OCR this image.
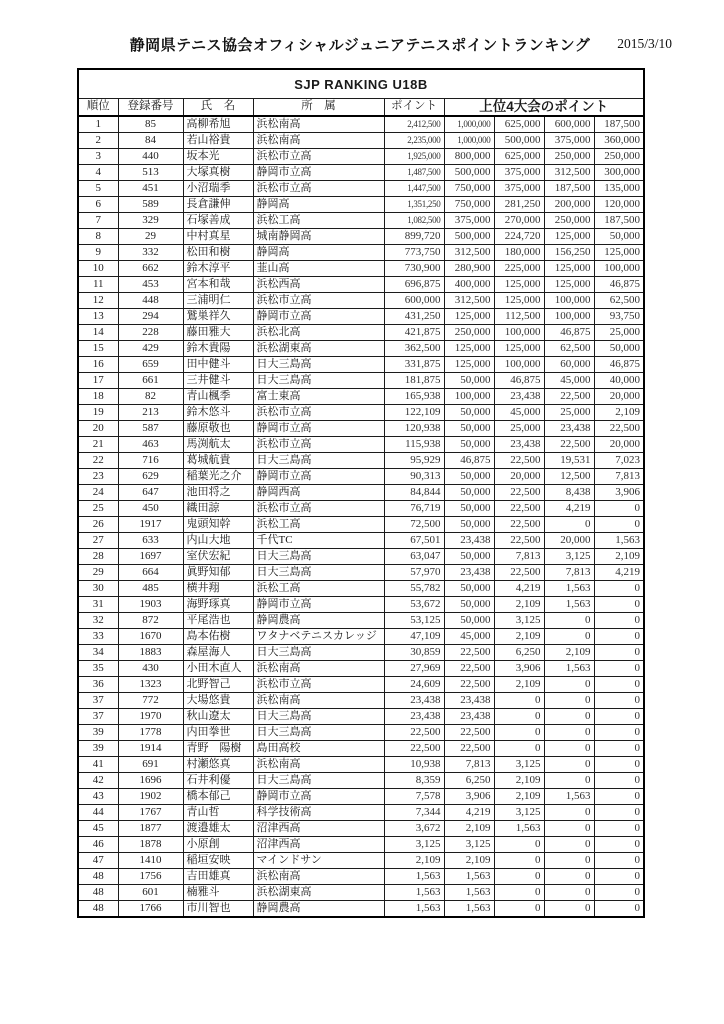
静岡県テニス協会オフィシャルジュニアテニスポイントランキング	2015/3/10
SJP RANKING U18B								
順位	登録番号	氏　名	所　属	ポイント	上位4大会のポイント			
1	85	高柳希旭	浜松南高	2,412,500	1,000,000	625,000	600,000	187,500
2	84	若山裕貴	浜松南高	2,235,000	1,000,000	500,000	375,000	360,000
3	440	坂本光	浜松市立高	1,925,000	800,000	625,000	250,000	250,000
4	513	大塚真樹	静岡市立高	1,487,500	500,000	375,000	312,500	300,000
5	451	小沼瑞季	浜松市立高	1,447,500	750,000	375,000	187,500	135,000
6	589	長倉謙伸	静岡高	1,351,250	750,000	281,250	200,000	120,000
7	329	石塚善成	浜松工高	1,082,500	375,000	270,000	250,000	187,500
8	29	中村真星	城南静岡高	899,720	500,000	224,720	125,000	50,000
9	332	松田和樹	静岡高	773,750	312,500	180,000	156,250	125,000
10	662	鈴木淳平	韮山高	730,900	280,900	225,000	125,000	100,000
11	453	宮本和哉	浜松西高	696,875	400,000	125,000	125,000	46,875
12	448	三浦明仁	浜松市立高	600,000	312,500	125,000	100,000	62,500
13	294	鷲巣祥久	静岡市立高	431,250	125,000	112,500	100,000	93,750
14	228	藤田雅大	浜松北高	421,875	250,000	100,000	46,875	25,000
15	429	鈴木貴陽	浜松湖東高	362,500	125,000	125,000	62,500	50,000
16	659	田中健斗	日大三島高	331,875	125,000	100,000	60,000	46,875
17	661	三井健斗	日大三島高	181,875	50,000	46,875	45,000	40,000
18	82	青山楓季	富士東高	165,938	100,000	23,438	22,500	20,000
19	213	鈴木悠斗	浜松市立高	122,109	50,000	45,000	25,000	2,109
20	587	藤原敬也	静岡市立高	120,938	50,000	25,000	23,438	22,500
21	463	馬渕航太	浜松市立高	115,938	50,000	23,438	22,500	20,000
22	716	葛城航貴	日大三島高	95,929	46,875	22,500	19,531	7,023
23	629	稲葉光之介	静岡市立高	90,313	50,000	20,000	12,500	7,813
24	647	池田将之	静岡西高	84,844	50,000	22,500	8,438	3,906
25	450	織田諒	浜松市立高	76,719	50,000	22,500	4,219	0
26	1917	鬼頭知幹	浜松工高	72,500	50,000	22,500	0	0
27	633	内山大地	千代TC	67,501	23,438	22,500	20,000	1,563
28	1697	室伏宏紀	日大三島高	63,047	50,000	7,813	3,125	2,109
29	664	眞野知郁	日大三島高	57,970	23,438	22,500	7,813	4,219
30	485	横井翔	浜松工高	55,782	50,000	4,219	1,563	0
31	1903	海野琢真	静岡市立高	53,672	50,000	2,109	1,563	0
32	872	平尾浩也	静岡農高	53,125	50,000	3,125	0	0
33	1670	島本佑樹	ワタナベテニスカレッジ	47,109	45,000	2,109	0	0
34	1883	森屋海人	日大三島高	30,859	22,500	6,250	2,109	0
35	430	小田木直人	浜松南高	27,969	22,500	3,906	1,563	0
36	1323	北野智己	浜松市立高	24,609	22,500	2,109	0	0
37	772	大場悠貴	浜松南高	23,438	23,438	0	0	0
37	1970	秋山遼太	日大三島高	23,438	23,438	0	0	0
39	1778	内田拳世	日大三島高	22,500	22,500	0	0	0
39	1914	青野　陽樹	島田高校	22,500	22,500	0	0	0
41	691	村瀬悠真	浜松南高	10,938	7,813	3,125	0	0
42	1696	石井利優	日大三島高	8,359	6,250	2,109	0	0
43	1902	橋本郁己	静岡市立高	7,578	3,906	2,109	1,563	0
44	1767	青山哲	科学技術高	7,344	4,219	3,125	0	0
45	1877	渡邉雄太	沼津西高	3,672	2,109	1,563	0	0
46	1878	小原創	沼津西高	3,125	3,125	0	0	0
47	1410	稲垣安映	マインドサン	2,109	2,109	0	0	0
48	1756	吉田雄真	浜松南高	1,563	1,563	0	0	0
48	601	楠雅斗	浜松湖東高	1,563	1,563	0	0	0
48	1766	市川智也	静岡農高	1,563	1,563	0	0	0
